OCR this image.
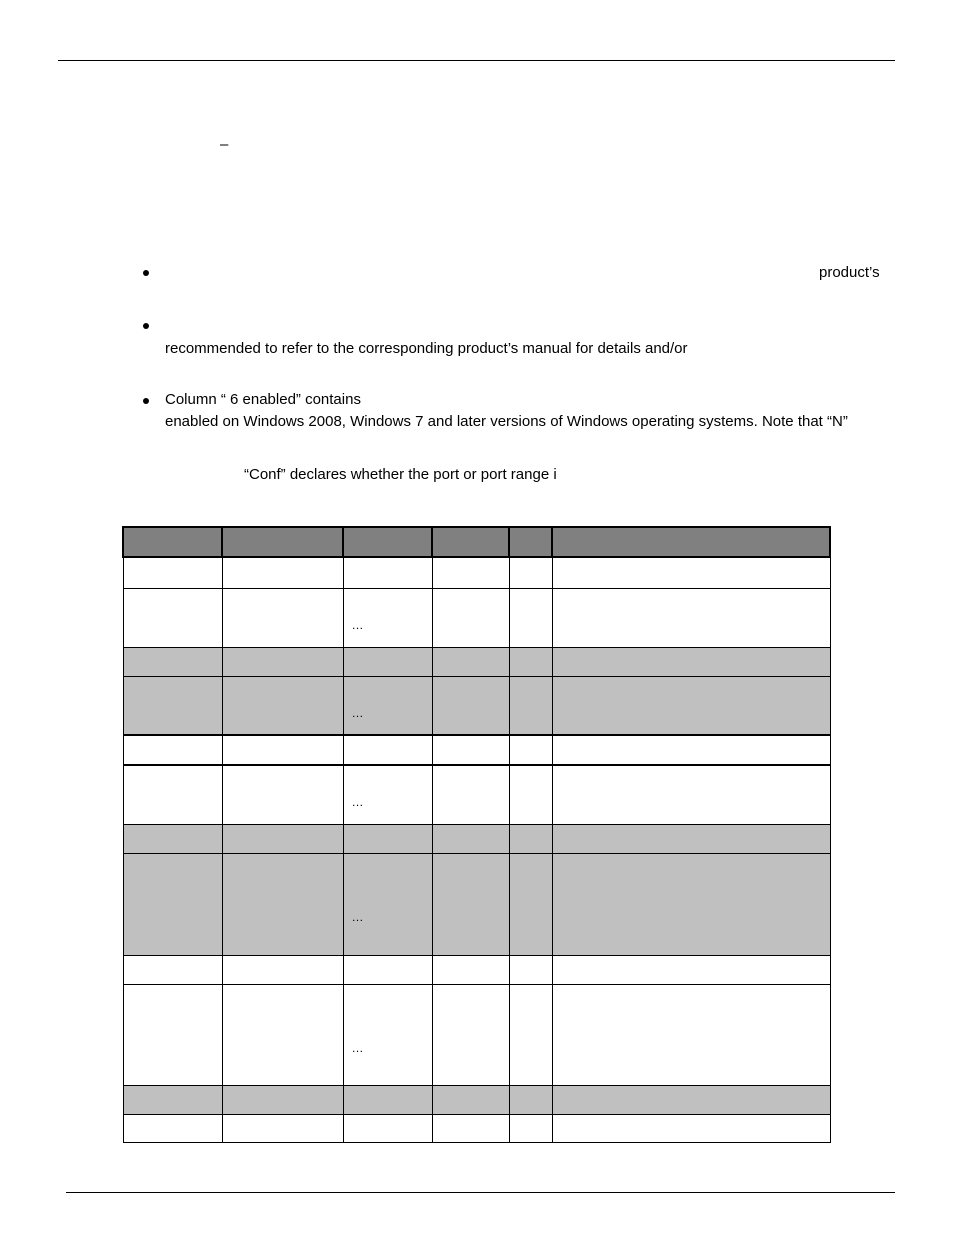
–
product’s
recommended to refer to the corresponding product’s manual for details and/or
Column “ 6 enabled” contains
enabled on Windows 2008, Windows 7 and later versions of Windows operating systems. Note that “N”
“Conf” declares whether the port or port range i

		…			

		…			

		…			

		…			

		…			
